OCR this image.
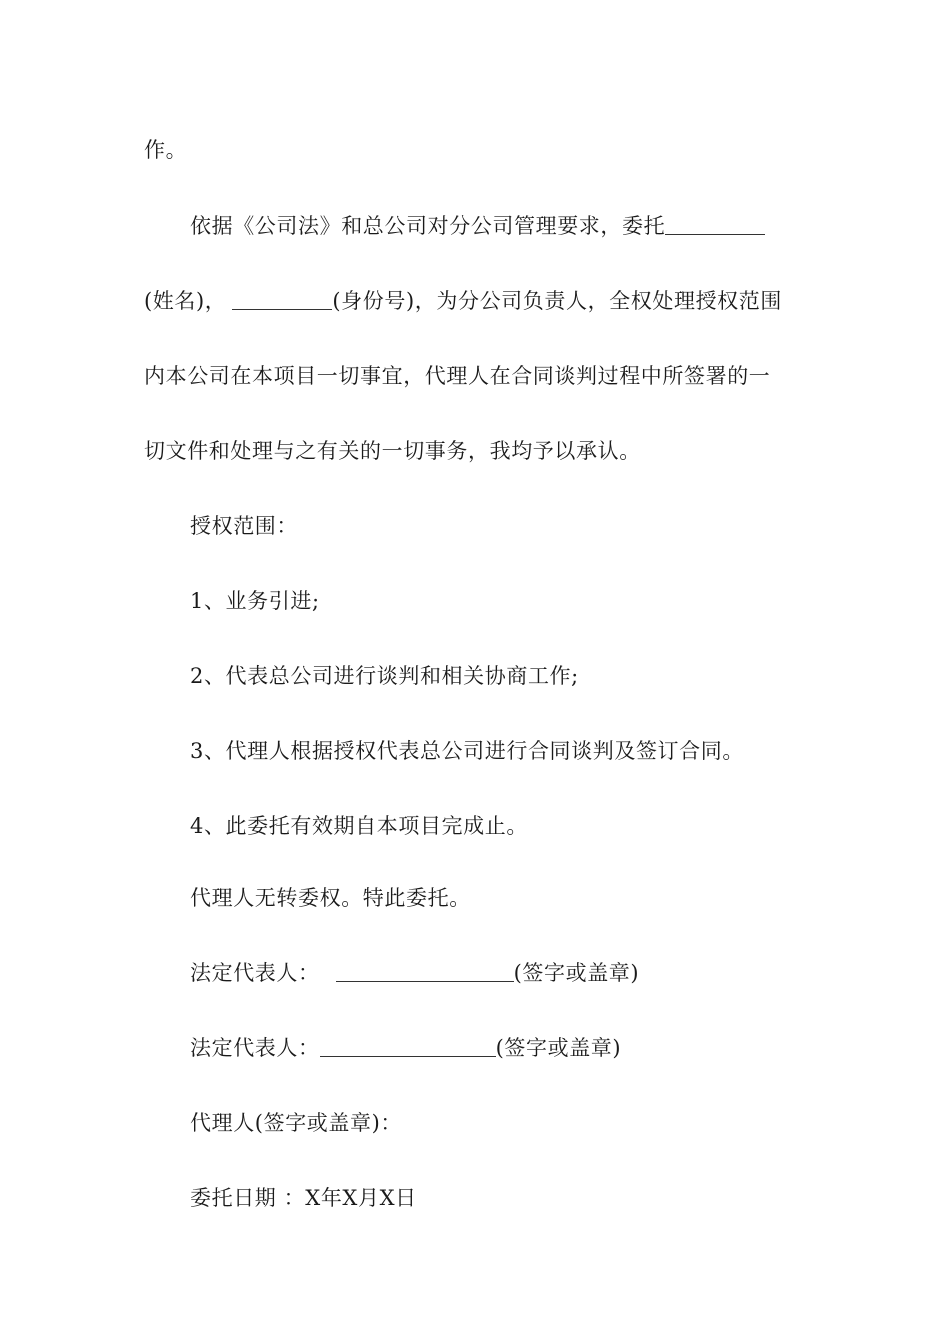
作。
依据《公司法》和总公司对分公司管理要求，委托
(姓名)，	(身份号)，为分公司负责人，全权处理授权范围
内本公司在本项目一切事宜，代理人在合同谈判过程中所签署的一
切文件和处理与之有关的一切事务，我均予以承认。
授权范围：
1、业务引进;
2、代表总公司进行谈判和相关协商工作;
3、代理人根据授权代表总公司进行合同谈判及签订合同。
4、此委托有效期自本项目完成止。
代理人无转委权。特此委托。
法定代表人：	(签字或盖章)
法定代表人：	(签字或盖章)
代理人(签字或盖章)：
委托日期 ：X年X月X日
